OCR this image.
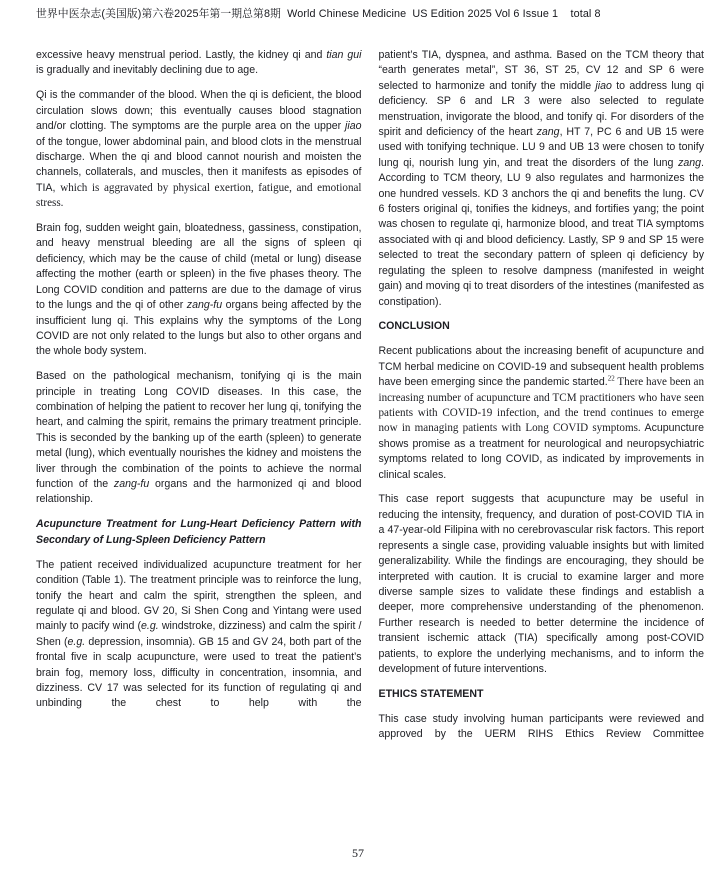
世界中医杂志(美国版)第六卷2025年第一期总第8期  World Chinese Medicine  US Edition 2025 Vol 6 Issue 1    total 8

excessive heavy menstrual period. Lastly, the kidney qi and tian gui is gradually and inevitably declining due to age.

Qi is the commander of the blood. When the qi is deficient, the blood circulation slows down; this eventually causes blood stagnation and/or clotting. The symptoms are the purple area on the upper jiao of the tongue, lower abdominal pain, and blood clots in the menstrual discharge. When the qi and blood cannot nourish and moisten the channels, collaterals, and muscles, then it manifests as episodes of TIA, which is aggravated by physical exertion, fatigue, and emotional stress.

Brain fog, sudden weight gain, bloatedness, gassiness, constipation, and heavy menstrual bleeding are all the signs of spleen qi deficiency, which may be the cause of child (metal or lung) disease affecting the mother (earth or spleen) in the five phases theory. The Long COVID condition and patterns are due to the damage of virus to the lungs and the qi of other zang-fu organs being affected by the insufficient lung qi. This explains why the symptoms of the Long COVID are not only related to the lungs but also to other organs and the whole body system.

Based on the pathological mechanism, tonifying qi is the main principle in treating Long COVID diseases. In this case, the combination of helping the patient to recover her lung qi, tonifying the heart, and calming the spirit, remains the primary treatment principle. This is seconded by the banking up of the earth (spleen) to generate metal (lung), which eventually nourishes the kidney and moistens the liver through the combination of the points to achieve the normal function of the zang-fu organs and the harmonized qi and blood relationship.

Acupuncture Treatment for Lung-Heart Deficiency Pattern with Secondary of Lung-Spleen Deficiency Pattern

The patient received individualized acupuncture treatment for her condition (Table 1). The treatment principle was to reinforce the lung, tonify the heart and calm the spirit, strengthen the spleen, and regulate qi and blood. GV 20, Si Shen Cong and Yintang were used mainly to pacify wind (e.g. windstroke, dizziness) and calm the spirit / Shen (e.g. depression, insomnia). GB 15 and GV 24, both part of the frontal five in scalp acupuncture, were used to treat the patient’s brain fog, memory loss, difficulty in concentration, insomnia, and dizziness. CV 17 was selected for its function of regulating qi and unbinding the chest to help with the

patient’s TIA, dyspnea, and asthma. Based on the TCM theory that “earth generates metal”, ST 36, ST 25, CV 12 and SP 6 were selected to harmonize and tonify the middle jiao to address lung qi deficiency. SP 6 and LR 3 were also selected to regulate menstruation, invigorate the blood, and tonify qi. For disorders of the spirit and deficiency of the heart zang, HT 7, PC 6 and UB 15 were used with tonifying technique. LU 9 and UB 13 were chosen to tonify lung qi, nourish lung yin, and treat the disorders of the lung zang. According to TCM theory, LU 9 also regulates and harmonizes the one hundred vessels. KD 3 anchors the qi and benefits the lung. CV 6 fosters original qi, tonifies the kidneys, and fortifies yang; the point was chosen to regulate qi, harmonize blood, and treat TIA symptoms associated with qi and blood deficiency. Lastly, SP 9 and SP 15 were selected to treat the secondary pattern of spleen qi deficiency by regulating the spleen to resolve dampness (manifested in weight gain) and moving qi to treat disorders of the intestines (manifested as constipation).

CONCLUSION

Recent publications about the increasing benefit of acupuncture and TCM herbal medicine on COVID-19 and subsequent health problems have been emerging since the pandemic started.$^{22}$ There have been an increasing number of acupuncture and TCM practitioners who have seen patients with COVID-19 infection, and the trend continues to emerge now in managing patients with Long COVID symptoms. Acupuncture shows promise as a treatment for neurological and neuropsychiatric symptoms related to long COVID, as indicated by improvements in clinical scales.

This case report suggests that acupuncture may be useful in reducing the intensity, frequency, and duration of post-COVID TIA in a 47-year-old Filipina with no cerebrovascular risk factors. This report represents a single case, providing valuable insights but with limited generalizability. While the findings are encouraging, they should be interpreted with caution. It is crucial to examine larger and more diverse sample sizes to validate these findings and establish a deeper, more comprehensive understanding of the phenomenon. Further research is needed to better determine the incidence of transient ischemic attack (TIA) specifically among post-COVID patients, to explore the underlying mechanisms, and to inform the development of future interventions.

ETHICS STATEMENT

This case study involving human participants were reviewed and approved by the UERM RIHS Ethics Review Committee

57
